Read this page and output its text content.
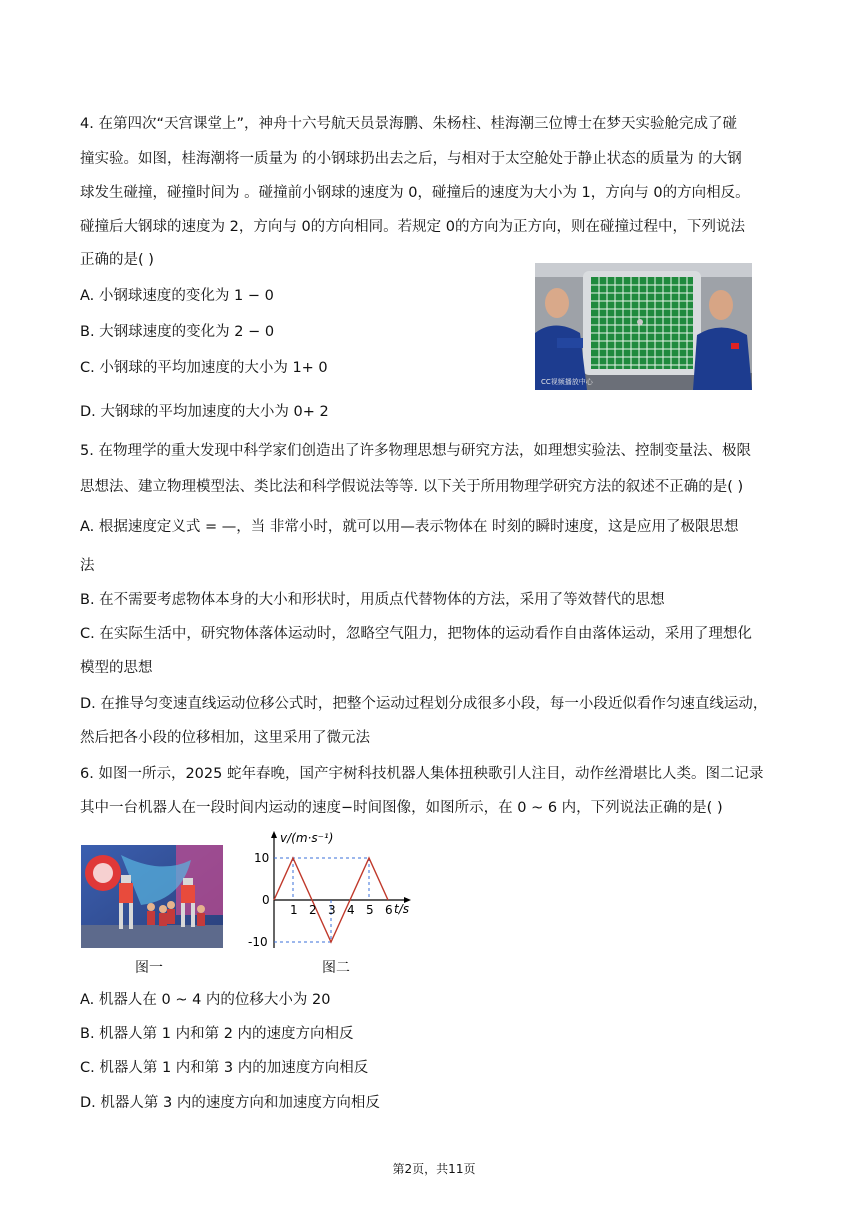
4. 在第四次“天宫课堂上”，神舟十六号航天员景海鹏、朱杨柱、桂海潮三位博士在梦天实验舱完成了碰
撞实验。如图，桂海潮将一质量为 的小钢球扔出去之后，与相对于太空舱处于静止状态的质量为 的大钢
球发生碰撞，碰撞时间为 。碰撞前小钢球的速度为 0，碰撞后的速度为大小为 1，方向与 0的方向相反。
碰撞后大钢球的速度为 2，方向与 0的方向相同。若规定 0的方向为正方向，则在碰撞过程中，下列说法
正确的是( )
A. 小钢球速度的变化为 1 − 0
B. 大钢球速度的变化为 2 − 0
C. 小钢球的平均加速度的大小为 1+ 0
D. 大钢球的平均加速度的大小为 0+ 2
CC视频播放中心
5. 在物理学的重大发现中科学家们创造出了许多物理思想与研究方法，如理想实验法、控制变量法、极限
思想法、建立物理模型法、类比法和科学假说法等等. 以下关于所用物理学研究方法的叙述不正确的是( )
A. 根据速度定义式 = —，当 非常小时，就可以用—表示物体在 时刻的瞬时速度，这是应用了极限思想
法
B. 在不需要考虑物体本身的大小和形状时，用质点代替物体的方法，采用了等效替代的思想
C. 在实际生活中，研究物体落体运动时，忽略空气阻力，把物体的运动看作自由落体运动，采用了理想化
模型的思想
D. 在推导匀变速直线运动位移公式时，把整个运动过程划分成很多小段，每一小段近似看作匀速直线运动，
然后把各小段的位移相加，这里采用了微元法
6. 如图一所示，2025 蛇年春晚，国产宇树科技机器人集体扭秧歌引人注目，动作丝滑堪比人类。图二记录
其中一台机器人在一段时间内运动的速度−时间图像，如图所示，在 0 ~ 6 内，下列说法正确的是( )
图一
1 2 3 4 5 6
10
-10
v/(m·s⁻¹)
t/s
0
图二
A. 机器人在 0 ~ 4 内的位移大小为 20
B. 机器人第 1 内和第 2 内的速度方向相反
C. 机器人第 1 内和第 3 内的加速度方向相反
D. 机器人第 3 内的速度方向和加速度方向相反
第2页，共11页
